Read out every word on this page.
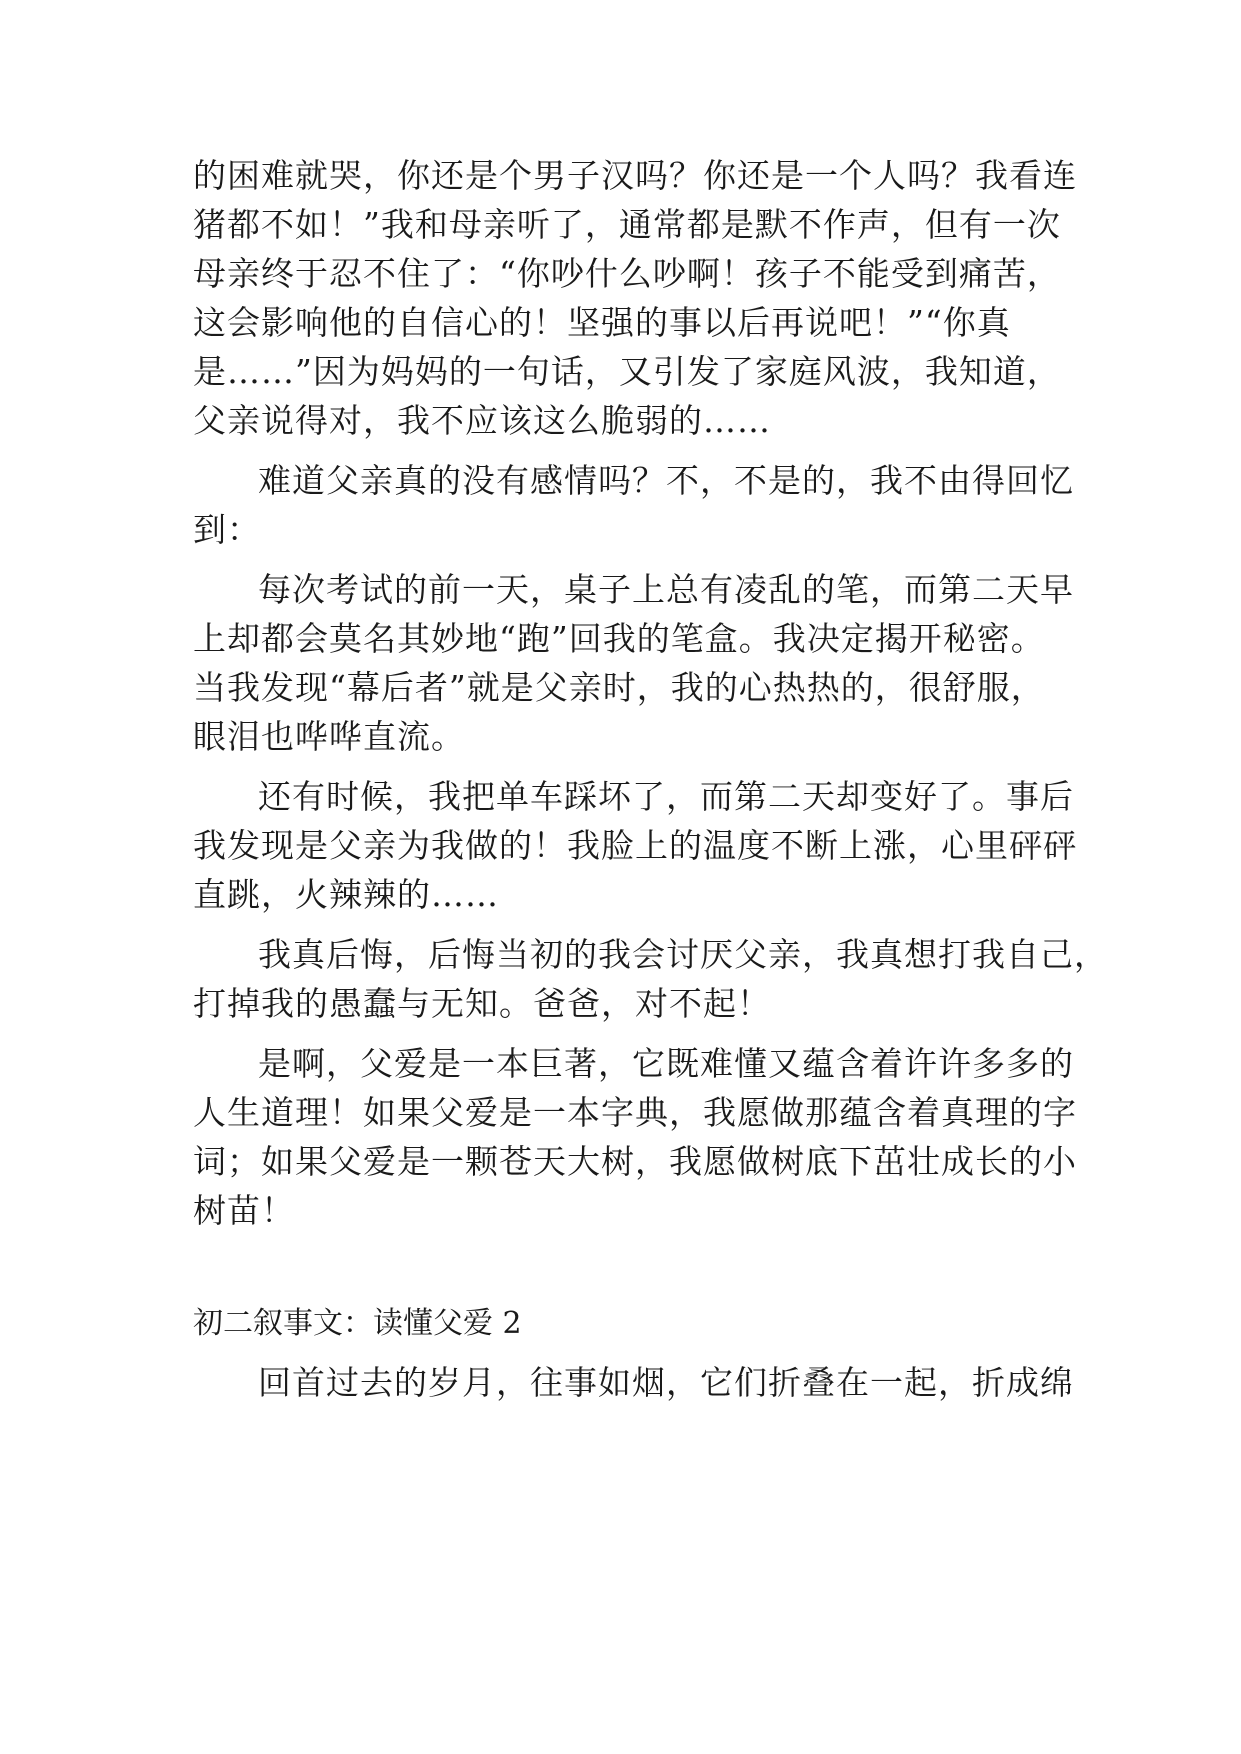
的困难就哭，你还是个男子汉吗？你还是一个人吗？我看连
猪都不如！”我和母亲听了，通常都是默不作声，但有一次
母亲终于忍不住了：“你吵什么吵啊！孩子不能受到痛苦，
这会影响他的自信心的！坚强的事以后再说吧！”“你真
是……”因为妈妈的一句话，又引发了家庭风波，我知道，
父亲说得对，我不应该这么脆弱的……
难道父亲真的没有感情吗？不，不是的，我不由得回忆
到：
每次考试的前一天，桌子上总有凌乱的笔，而第二天早
上却都会莫名其妙地“跑”回我的笔盒。我决定揭开秘密。
当我发现“幕后者”就是父亲时，我的心热热的，很舒服，
眼泪也哗哗直流。
还有时候，我把单车踩坏了，而第二天却变好了。事后
我发现是父亲为我做的！我脸上的温度不断上涨，心里砰砰
直跳，火辣辣的……
我真后悔，后悔当初的我会讨厌父亲，我真想打我自己，
打掉我的愚蠢与无知。爸爸，对不起！
是啊，父爱是一本巨著，它既难懂又蕴含着许许多多的
人生道理！如果父爱是一本字典，我愿做那蕴含着真理的字
词；如果父爱是一颗苍天大树，我愿做树底下茁壮成长的小
树苗！
初二叙事文：读懂父爱 2
回首过去的岁月，往事如烟，它们折叠在一起，折成绵
